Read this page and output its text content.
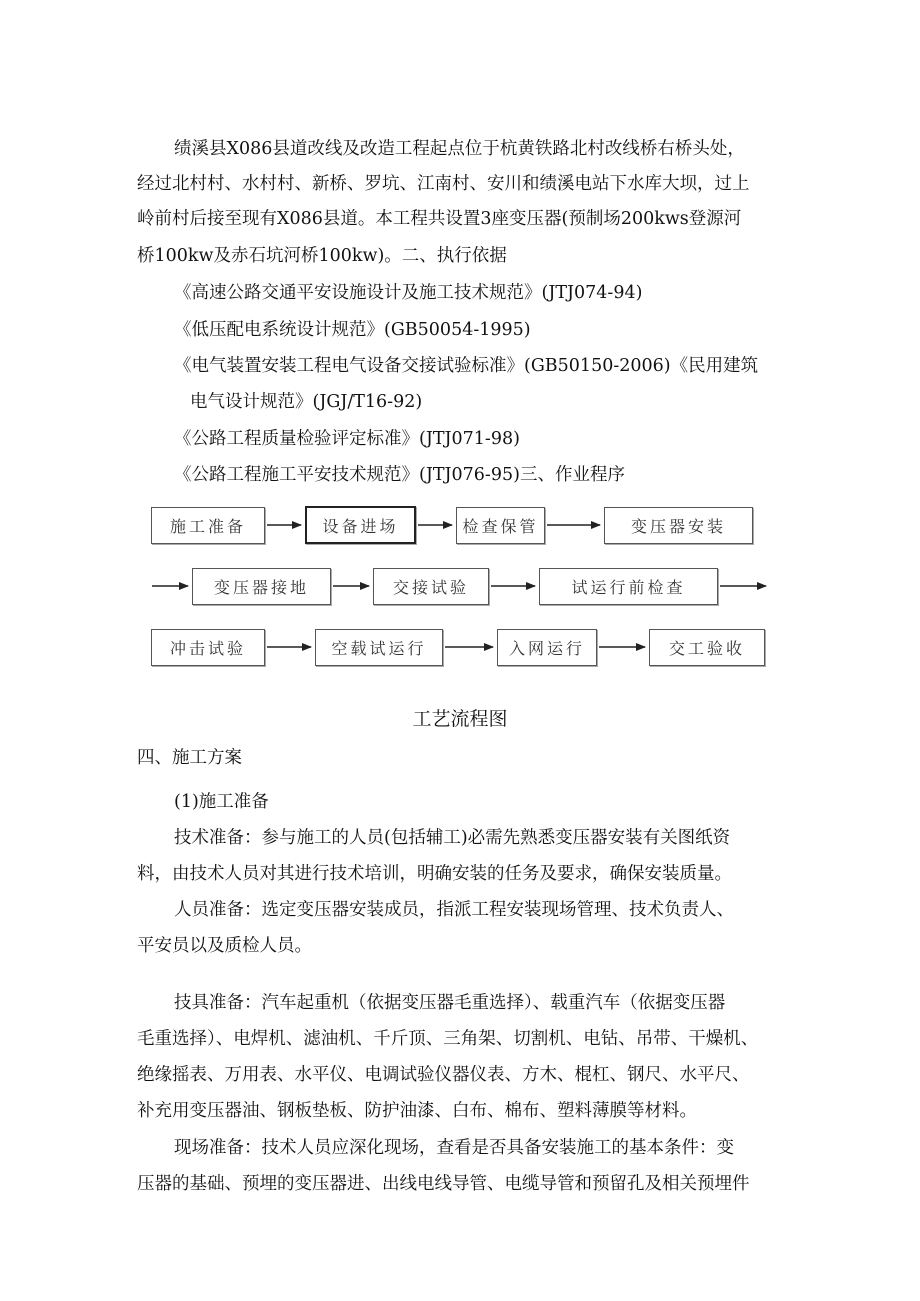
绩溪县X086县道改线及改造工程起点位于杭黄铁路北村改线桥右桥头处，
经过北村村、水村村、新桥、罗坑、江南村、安川和绩溪电站下水库大坝，过上
岭前村后接至现有X086县道。本工程共设置3座变压器(预制场200kws登源河
桥100kw及赤石坑河桥100kw)。二、执行依据
《高速公路交通平安设施设计及施工技术规范》(JTJ074-94)
《低压配电系统设计规范》(GB50054-1995)
《电气装置安装工程电气设备交接试验标准》(GB50150-2006)《民用建筑
电气设计规范》(JGJ/T16-92)
《公路工程质量检验评定标准》(JTJ071-98)
《公路工程施工平安技术规范》(JTJ076-95)三、作业程序
施工准备	设备进场	检查保管	变压器安装
变压器接地	交接试验	试运行前检查
冲击试验	空载试运行	入网运行	交工验收
工艺流程图
四、施工方案
(1)施工准备
技术准备：参与施工的人员(包括辅工)必需先熟悉变压器安装有关图纸资
料，由技术人员对其进行技术培训，明确安装的任务及要求，确保安装质量。
人员准备：选定变压器安装成员，指派工程安装现场管理、技术负责人、
平安员以及质检人员。
技具准备：汽车起重机（依据变压器毛重选择）、载重汽车（依据变压器
毛重选择）、电焊机、滤油机、千斤顶、三角架、切割机、电钻、吊带、干燥机、
绝缘摇表、万用表、水平仪、电调试验仪器仪表、方木、棍杠、钢尺、水平尺、
补充用变压器油、钢板垫板、防护油漆、白布、棉布、塑料薄膜等材料。
现场准备：技术人员应深化现场，查看是否具备安装施工的基本条件：变
压器的基础、预埋的变压器进、出线电线导管、电缆导管和预留孔及相关预埋件
